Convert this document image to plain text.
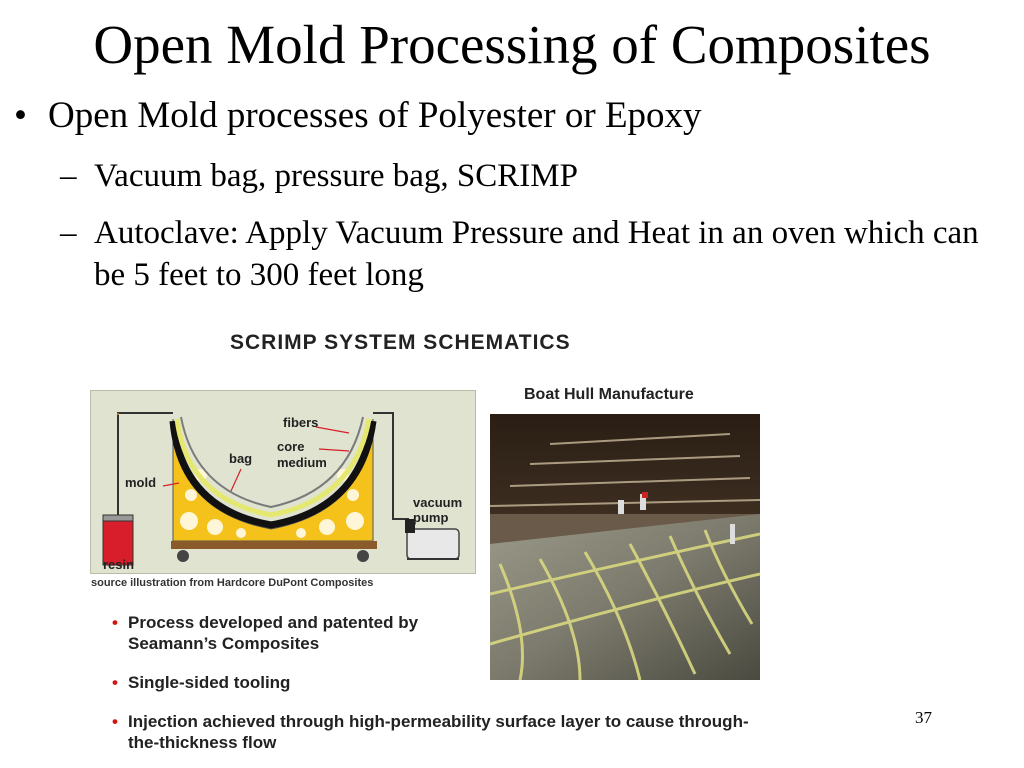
Open Mold Processing of Composites
• Open Mold processes of Polyester or Epoxy
– Vacuum bag, pressure bag, SCRIMP
– Autoclave: Apply Vacuum Pressure and Heat in an oven which can be 5 feet to 300 feet long
SCRIMP SYSTEM SCHEMATICS
fibers
core
medium
bag
mold
vacuum
pump
resin
source illustration from Hardcore DuPont Composites
Boat Hull Manufacture
• Process developed and patented by Seamann’s Composites
• Single-sided tooling
• Injection achieved through high-permeability surface layer to cause through-the-thickness flow
37
